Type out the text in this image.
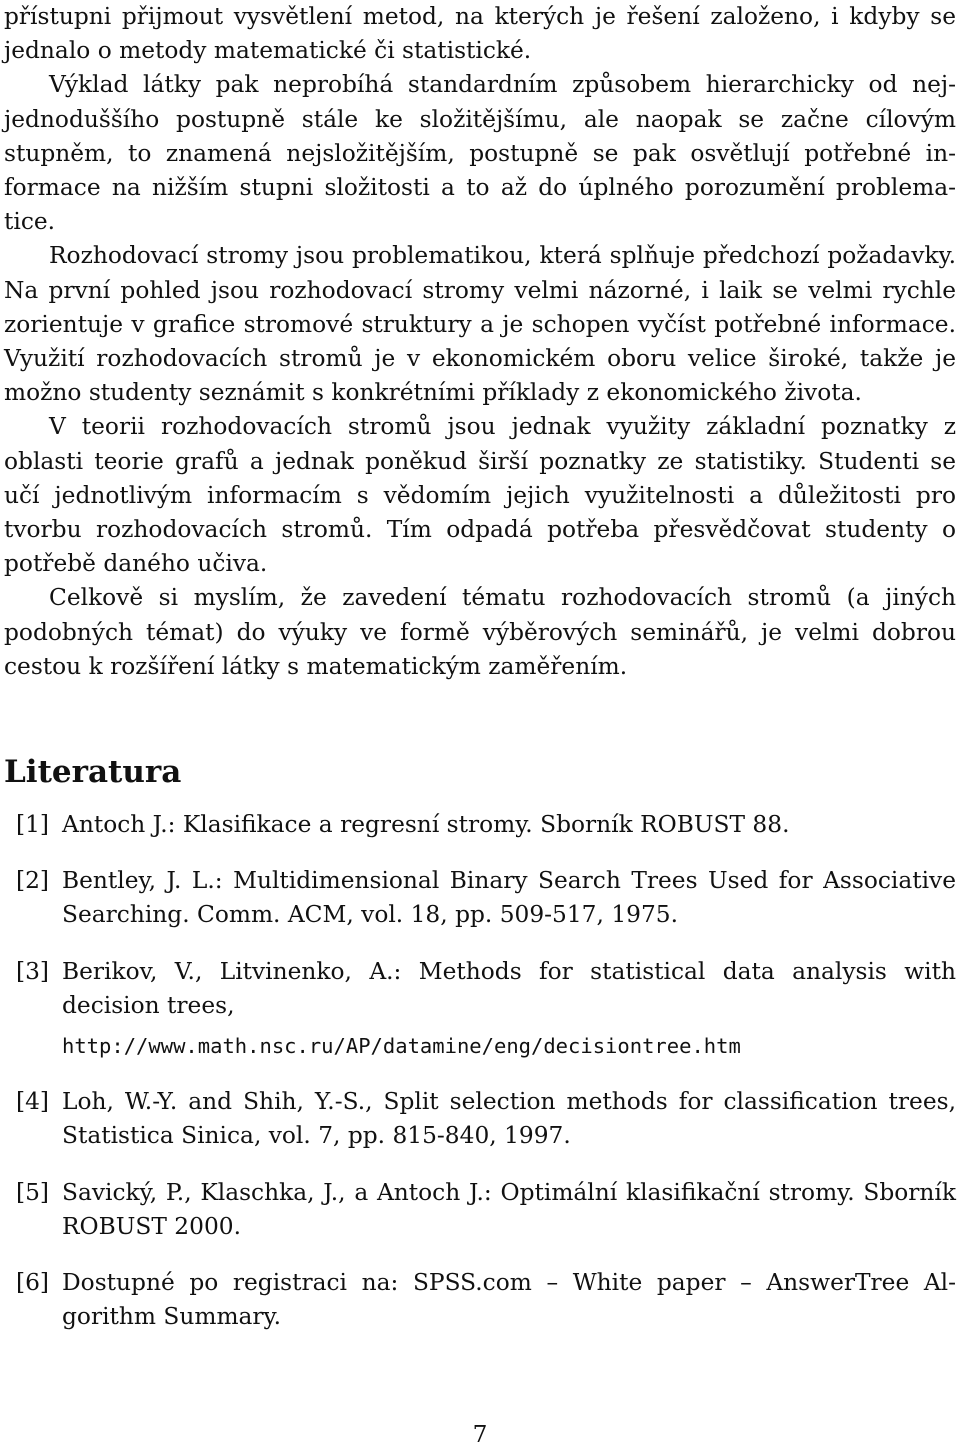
přístupni přijmout vysvětlení metod, na kterých je řešení založeno, i kdyby se jednalo o metody matematické či statistické.

Výklad látky pak neprobíhá standardním způsobem hierarchicky od nejjednoduššího postupně stále ke složitějšímu, ale naopak se začne cílovým stupněm, to znamená nejsložitějším, postupně se pak osvětlují potřebné informace na nižším stupni složitosti a to až do úplného porozumění problematice.

Rozhodovací stromy jsou problematikou, která splňuje předchozí požadavky. Na první pohled jsou rozhodovací stromy velmi názorné, i laik se velmi rychle zorientuje v grafice stromové struktury a je schopen vyčíst potřebné informace. Využití rozhodovacích stromů je v ekonomickém oboru velice široké, takže je možno studenty seznámit s konkrétními příklady z ekonomického života.

V teorii rozhodovacích stromů jsou jednak využity základní poznatky z oblasti teorie grafů a jednak poněkud širší poznatky ze statistiky. Studenti se učí jednotlivým informacím s vědomím jejich využitelnosti a důležitosti pro tvorbu rozhodovacích stromů. Tím odpadá potřeba přesvědčovat studenty o potřebě daného učiva.

Celkově si myslím, že zavedení tématu rozhodovacích stromů (a jiných podobných témat) do výuky ve formě výběrových seminářů, je velmi dobrou cestou k rozšíření látky s matematickým zaměřením.

Literatura
[1] Antoch J.: Klasifikace a regresní stromy. Sborník ROBUST 88.
[2] Bentley, J. L.: Multidimensional Binary Search Trees Used for Associative Searching. Comm. ACM, vol. 18, pp. 509-517, 1975.
[3] Berikov, V., Litvinenko, A.: Methods for statistical data analysis with decision trees,
http://www.math.nsc.ru/AP/datamine/eng/decisiontree.htm
[4] Loh, W.-Y. and Shih, Y.-S., Split selection methods for classification trees, Statistica Sinica, vol. 7, pp. 815-840, 1997.
[5] Savický, P., Klaschka, J., a Antoch J.: Optimální klasifikační stromy. Sborník ROBUST 2000.
[6] Dostupné po registraci na: SPSS.com – White paper – AnswerTree Algorithm Summary.

7
